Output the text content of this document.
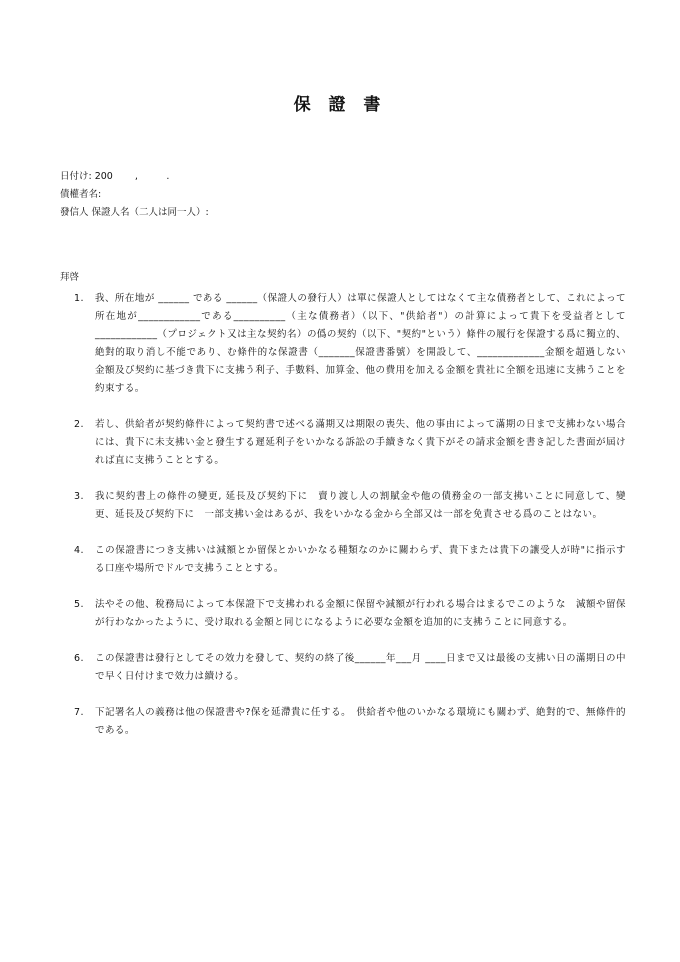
保 證 書
日付け: 200　　 ,　　　.
債權者名:
發信人 保證人名（二人は同一人）:
拜啓
1. 我、所在地が ______ である ______（保證人の發行人）は單に保證人としてはなくて主な債務者として、これによって　所在地が____________である__________（主な債務者）（以下、"供給者"）の計算によって貴下を受益者として____________（プロジェクト又は主な契約名）の僞の契約（以下、"契約"という）條件の履行を保證する爲に獨立的、絶對的取り消し不能であり、む條件的な保證書（_______保證書番號）を開設して、_____________金額を超過しない金額及び契約に基づき貴下に支拂う利子、手數料、加算金、他の費用を加える金額を貴社に全額を迅速に支拂うことを約束する。
2. 若し、供給者が契約條件によって契約書で述べる滿期又は期限の喪失、他の事由によって滿期の日まで支拂わない場合には、貴下に未支拂い金と發生する遲延利子をいかなる訴訟の手續きなく貴下がその請求金額を書き記した書面が屆ければ直に支拂うこととする。
3. 我に契約書上の條件の變更, 延長及び契約下に　賣り渡し人の割賦金や他の債務金の一部支拂いことに同意して、變更、延長及び契約下に　一部支拂い金はあるが、我をいかなる金から全部又は一部を免責させる爲のことはない。
4. この保證書につき支拂いは減額とか留保とかいかなる種類なのかに關わらず、貴下または貴下の讓受人が時"に指示する口座や場所でドルで支拂うこととする。
5. 法やその他、稅務局によって本保證下で支拂われる金額に保留や減額が行われる場合はまるでこのような　減額や留保が行わなかったように、受け取れる金額と同じになるように必要な金額を追加的に支拂うことに同意する。
6. この保證書は發行としてその效力を發して、契約の終了後______年___月 ____日まで又は最後の支拂い日の滿期日の中で早く日付けまで效力は續ける。
7. 下記署名人の義務は他の保證書や?保を延滯貴に任する。　供給者や他のいかなる環境にも關わず、絶對的で、無條件的である。
